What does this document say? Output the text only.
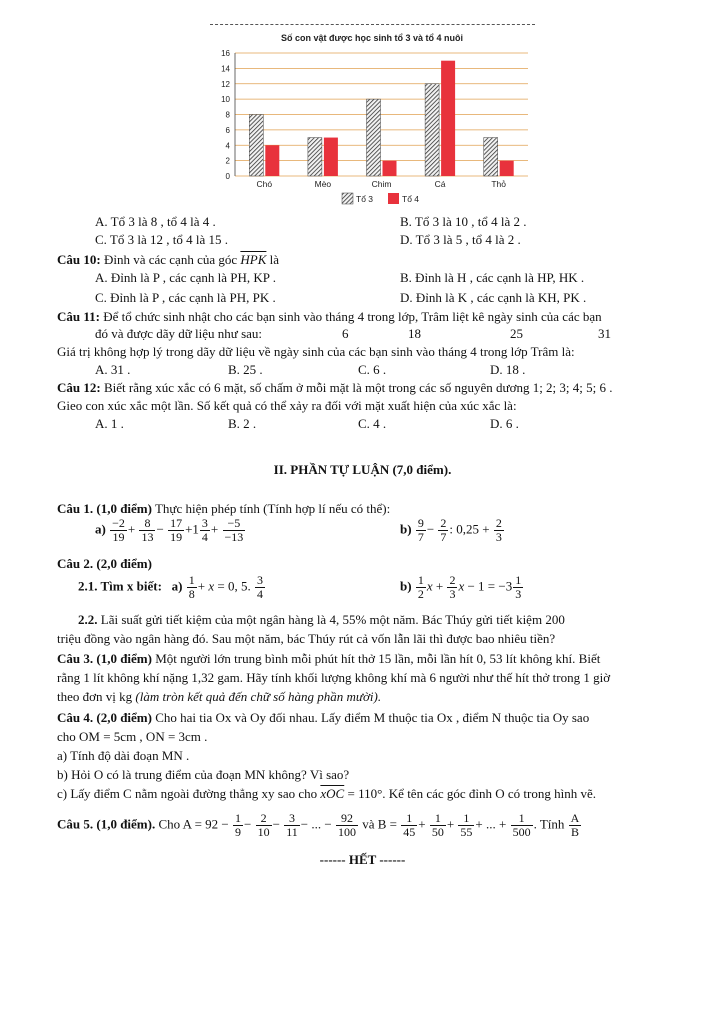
Số con vật được học sinh tổ 3 và tổ 4 nuôi
0
2
4
6
8
10
12
14
16
Chó	Mèo	Chim	Cá	Thỏ
Tổ 3	Tổ 4
A. Tổ 3 là 8 , tổ 4 là 4 .	B. Tổ 3 là 10 , tổ 4 là 2 .
C. Tổ 3 là 12 , tổ 4 là 15 .	D. Tổ 3 là 5 , tổ 4 là 2 .
Câu 10: Đỉnh và các cạnh của góc $\overline{HPK}$ là
A. Đỉnh là P , các cạnh là PH, KP .	B. Đỉnh là H , các cạnh là HP, HK .
C. Đỉnh là P , các cạnh là PH, PK .	D. Đỉnh là K , các cạnh là KH, PK .
Câu 11: Để tổ chức sinh nhật cho các bạn sinh vào tháng 4 trong lớp, Trâm liệt kê ngày sinh của các bạn
đó và được dãy dữ liệu như sau:	6	18	25	31
Giá trị không hợp lý trong dãy dữ liệu về ngày sinh của các bạn sinh vào tháng 4 trong lớp Trâm là:
A. 31 .	B. 25 .	C. 6 .	D. 18 .
Câu 12: Biết rằng xúc xắc có 6 mặt, số chấm ở mỗi mặt là một trong các số nguyên dương 1; 2; 3; 4; 5; 6 .
Gieo con xúc xắc một lần. Số kết quả có thể xảy ra đối với mặt xuất hiện của xúc xắc là:
A. 1 .	B. 2 .	C. 4 .	D. 6 .
II. PHẦN TỰ LUẬN (7,0 điểm).
Câu 1. (1,0 điểm) Thực hiện phép tính (Tính hợp lí nếu có thể):
$a) \frac{-2}{19} + \frac{8}{13} - \frac{17}{19} +1 \frac{3}{4} + \frac{-5}{-13}$	$b) \frac{9}{7} - \frac{2}{7}$ : $0,25 + \frac{2}{3}$
Câu 2. (2,0 điểm)
2.1. Tìm x biết: $a) \frac{1}{8} + x = 0$, 5. $\frac{3}{4}$	$b) \frac{1}{2}$ $x + \frac{2}{3}$ $x - 1 = -3 \frac{1}{3}$
2.2. Lãi suất gửi tiết kiệm của một ngân hàng là 4, 55% một năm. Bác Thúy gửi tiết kiệm 200
triệu đồng vào ngân hàng đó. Sau một năm, bác Thúy rút cả vốn lẫn lãi thì được bao nhiêu tiền?
Câu 3. (1,0 điểm) Một người lớn trung bình mỗi phút hít thở 15 lần, mỗi lần hít 0, 53 lít không khí. Biết
rằng 1 lít không khí nặng 1,32 gam. Hãy tính khối lượng không khí mà 6 người như thế hít thở trong 1 giờ
theo đơn vị kg (làm tròn kết quả đến chữ số hàng phần mười).
Câu 4. (2,0 điểm) Cho hai tia Ox và Oy đối nhau. Lấy điểm M thuộc tia Ox , điểm N thuộc tia Oy sao
cho OM = 5cm , ON = 3cm .
a) Tính độ dài đoạn MN .
b) Hỏi O có là trung điểm của đoạn MN không? Vì sao?
c) Lấy điểm C nằm ngoài đường thẳng xy sao cho $\overline{xOC} = 110^\circ$. Kể tên các góc đỉnh O có trong hình vẽ.
Câu 5. (1,0 điểm). Cho $A = 92 - \frac{1}{9} - \frac{2}{10} - \frac{3}{11}$ − ... − $\frac{92}{100}$ và $B = \frac{1}{45} + \frac{1}{50} + \frac{1}{55}$ + ... + $\frac{1}{500}$ . Tính $\frac{A}{B}$
------ HẾT ------
